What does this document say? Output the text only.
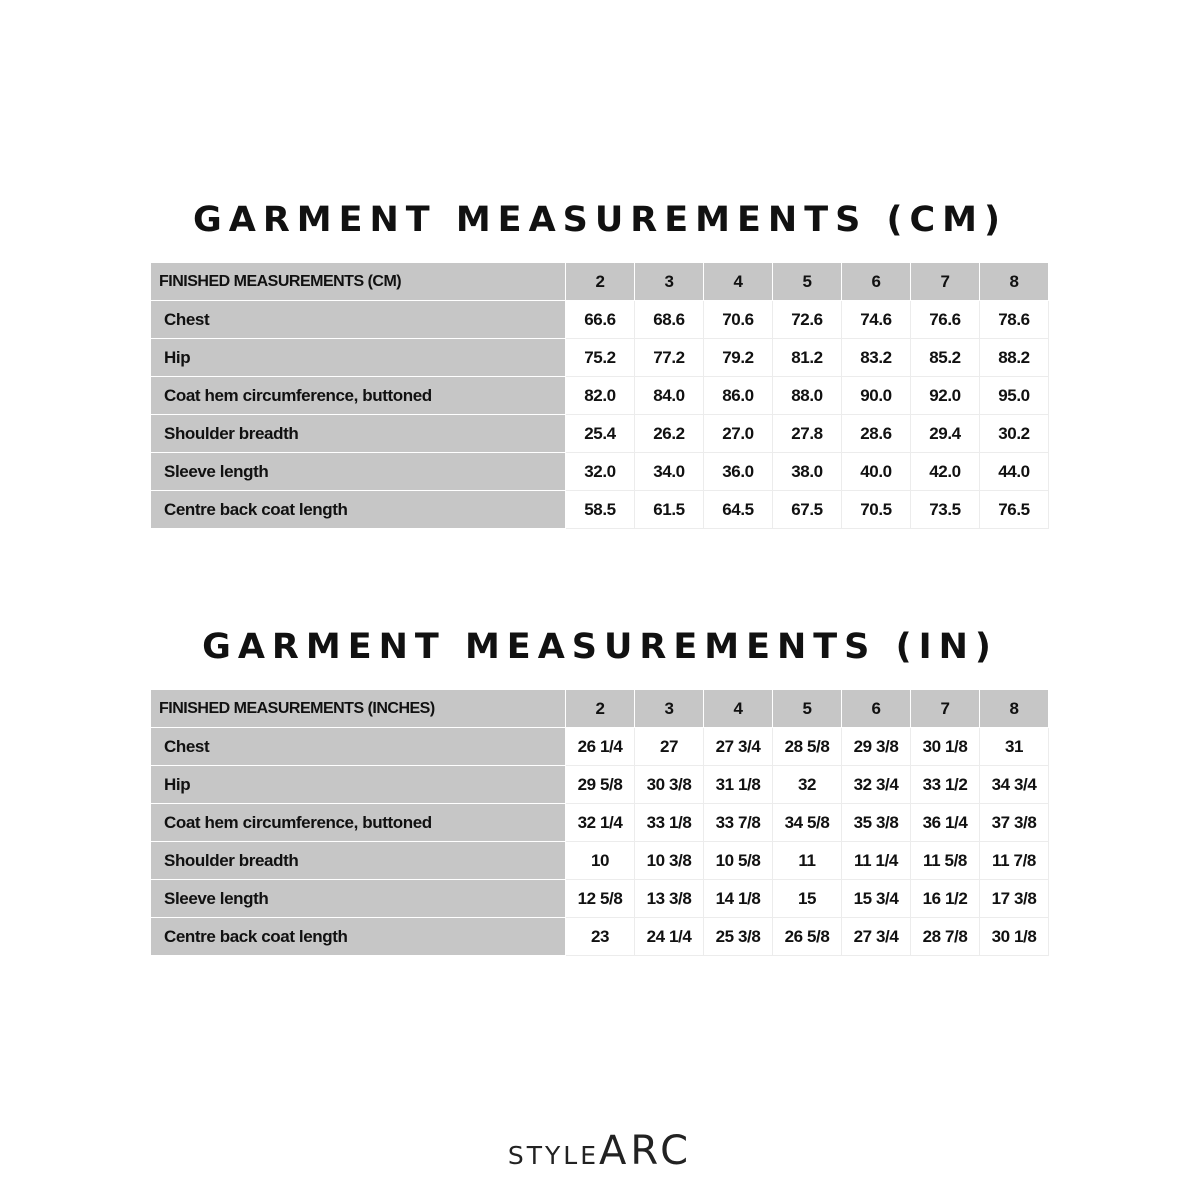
GARMENT MEASUREMENTS (CM)
FINISHED MEASUREMENTS (CM)	2	3	4	5	6	7	8
Chest	66.6	68.6	70.6	72.6	74.6	76.6	78.6
Hip	75.2	77.2	79.2	81.2	83.2	85.2	88.2
Coat hem circumference, buttoned	82.0	84.0	86.0	88.0	90.0	92.0	95.0
Shoulder breadth	25.4	26.2	27.0	27.8	28.6	29.4	30.2
Sleeve length	32.0	34.0	36.0	38.0	40.0	42.0	44.0
Centre back coat length	58.5	61.5	64.5	67.5	70.5	73.5	76.5
GARMENT MEASUREMENTS (IN)
FINISHED MEASUREMENTS (INCHES)	2	3	4	5	6	7	8
Chest	26 1/4	27	27 3/4	28 5/8	29 3/8	30 1/8	31
Hip	29 5/8	30 3/8	31 1/8	32	32 3/4	33 1/2	34 3/4
Coat hem circumference, buttoned	32 1/4	33 1/8	33 7/8	34 5/8	35 3/8	36 1/4	37 3/8
Shoulder breadth	10	10 3/8	10 5/8	11	11 1/4	11 5/8	11 7/8
Sleeve length	12 5/8	13 3/8	14 1/8	15	15 3/4	16 1/2	17 3/8
Centre back coat length	23	24 1/4	25 3/8	26 5/8	27 3/4	28 7/8	30 1/8
STYLEARC
